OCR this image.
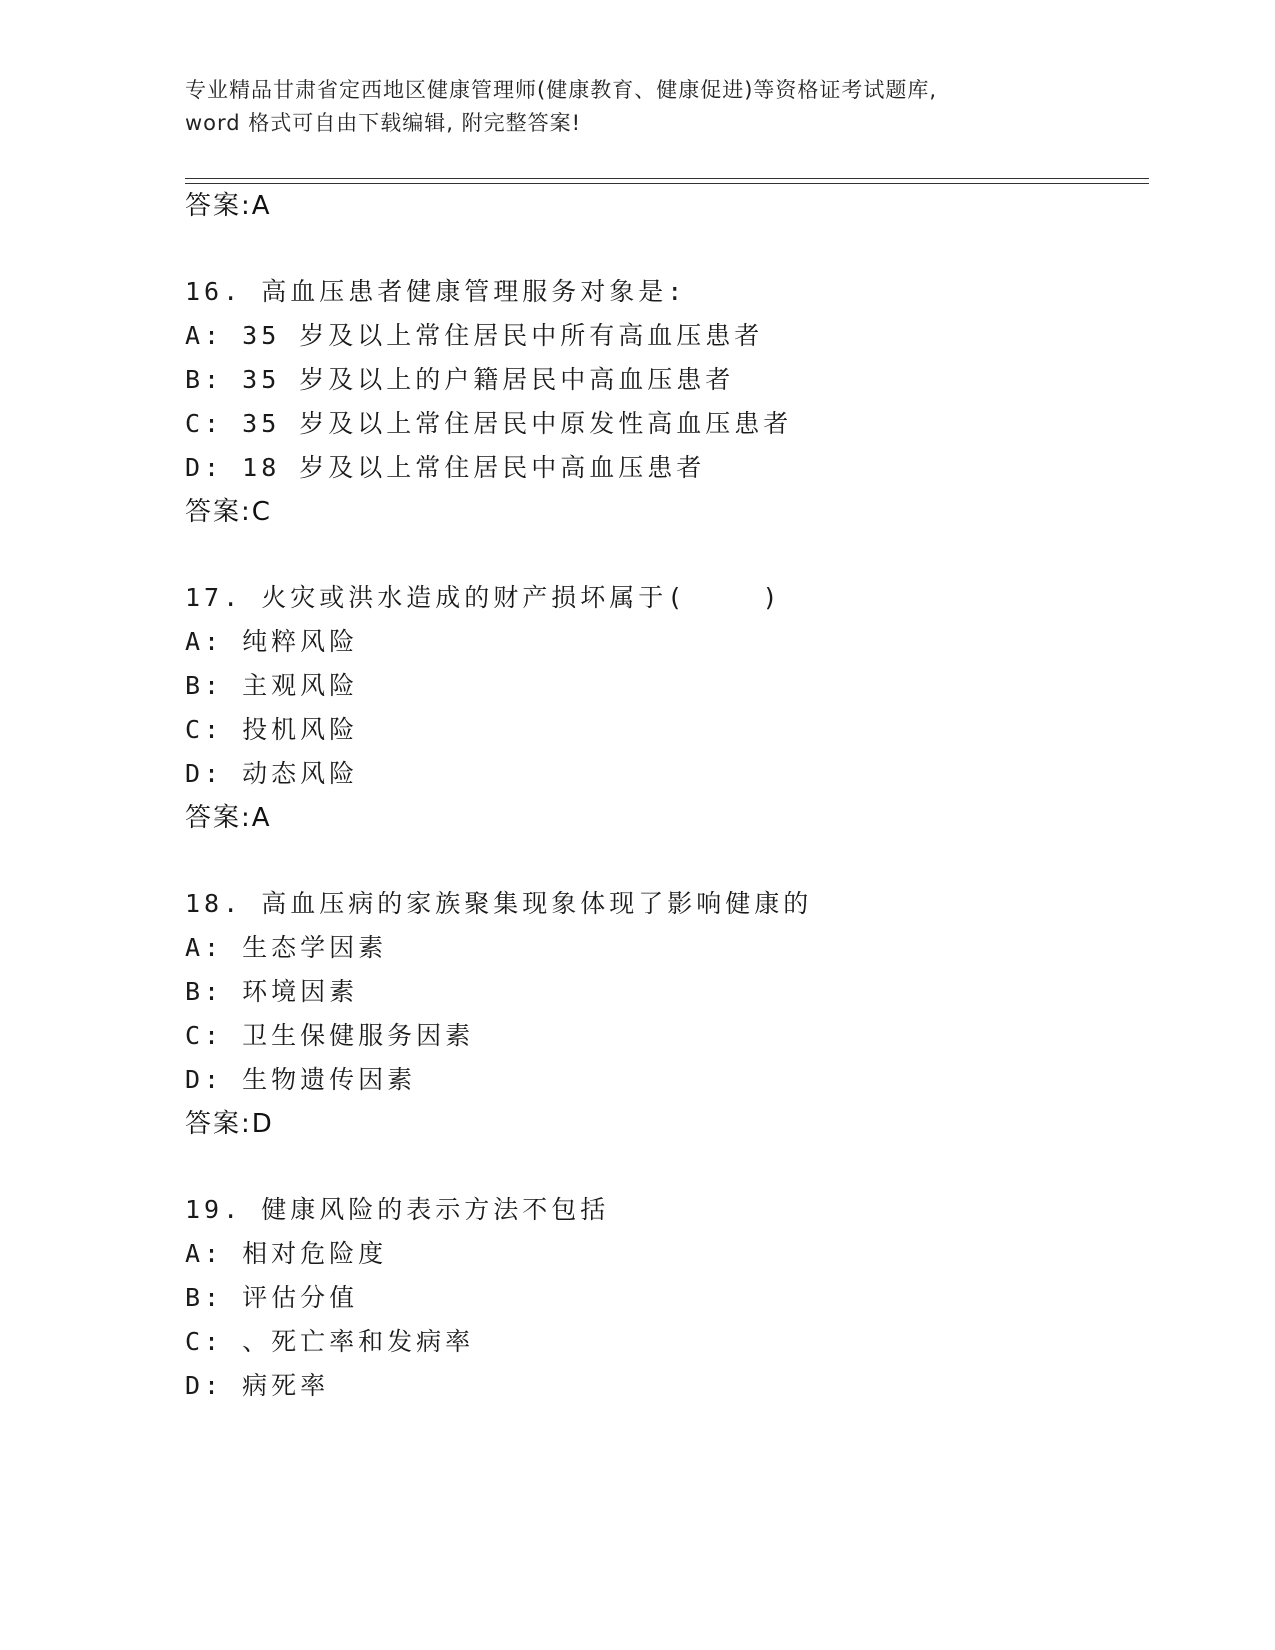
专业精品甘肃省定西地区健康管理师(健康教育、健康促进)等资格证考试题库,
word 格式可自由下载编辑, 附完整答案!
答案:A
16. 高血压患者健康管理服务对象是:
A: 35 岁及以上常住居民中所有高血压患者
B: 35 岁及以上的户籍居民中高血压患者
C: 35 岁及以上常住居民中原发性高血压患者
D: 18 岁及以上常住居民中高血压患者
答案:C
17. 火灾或洪水造成的财产损坏属于(    )
A: 纯粹风险
B: 主观风险
C: 投机风险
D: 动态风险
答案:A
18. 高血压病的家族聚集现象体现了影响健康的
A: 生态学因素
B: 环境因素
C: 卫生保健服务因素
D: 生物遗传因素
答案:D
19. 健康风险的表示方法不包括
A: 相对危险度
B: 评估分值
C: 、死亡率和发病率
D: 病死率
